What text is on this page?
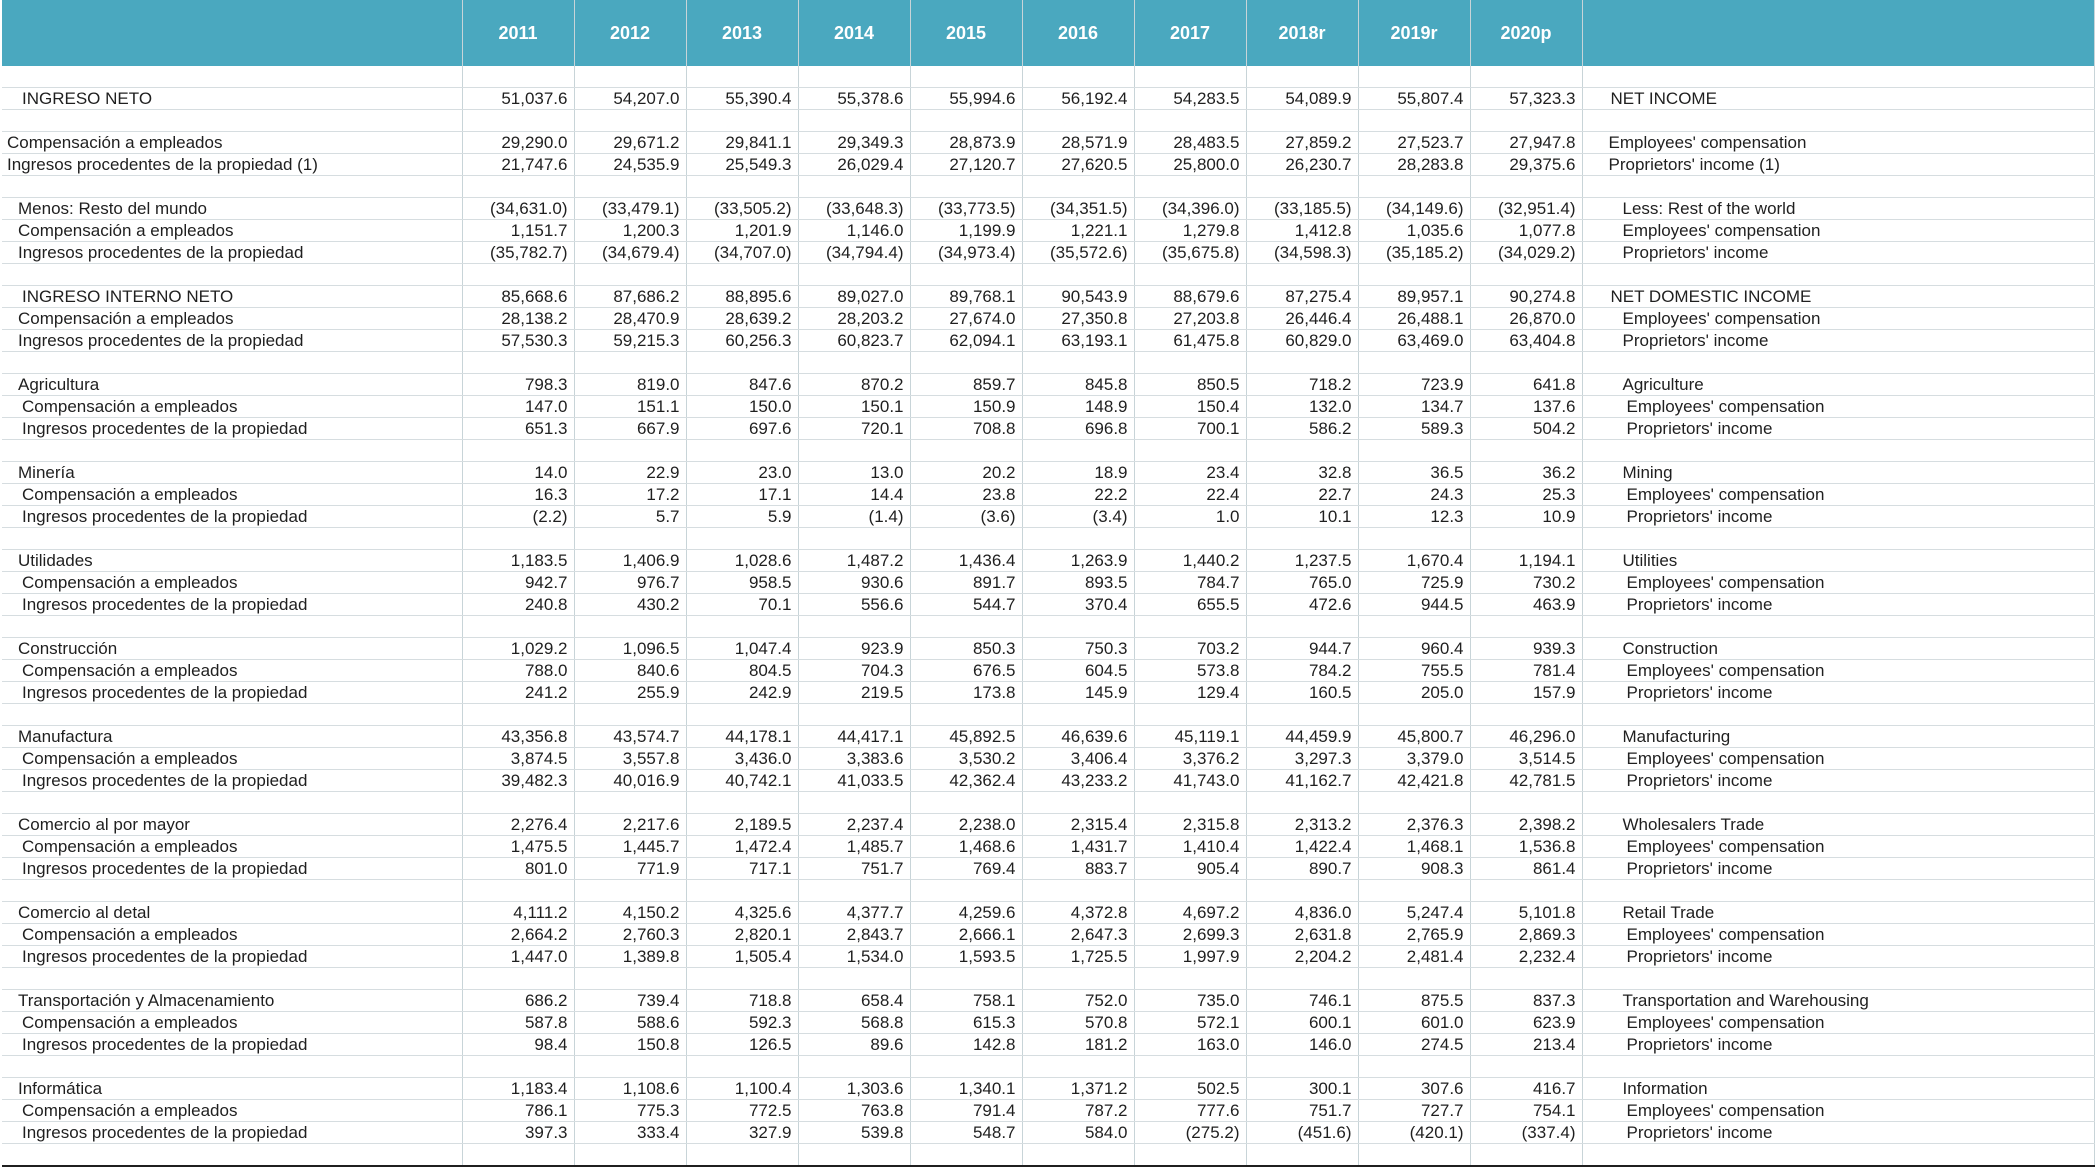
	2011	2012	2013	2014	2015	2016	2017	2018r	2019r	2020p	

INGRESO NETO	51,037.6	54,207.0	55,390.4	55,378.6	55,994.6	56,192.4	54,283.5	54,089.9	55,807.4	57,323.3	NET INCOME

Compensación a empleados	29,290.0	29,671.2	29,841.1	29,349.3	28,873.9	28,571.9	28,483.5	27,859.2	27,523.7	27,947.8	Employees' compensation
Ingresos procedentes de la propiedad (1)	21,747.6	24,535.9	25,549.3	26,029.4	27,120.7	27,620.5	25,800.0	26,230.7	28,283.8	29,375.6	Proprietors' income (1)

Menos: Resto del mundo	(34,631.0)	(33,479.1)	(33,505.2)	(33,648.3)	(33,773.5)	(34,351.5)	(34,396.0)	(33,185.5)	(34,149.6)	(32,951.4)	Less: Rest of the world
Compensación a empleados	1,151.7	1,200.3	1,201.9	1,146.0	1,199.9	1,221.1	1,279.8	1,412.8	1,035.6	1,077.8	Employees' compensation
Ingresos procedentes de la propiedad	(35,782.7)	(34,679.4)	(34,707.0)	(34,794.4)	(34,973.4)	(35,572.6)	(35,675.8)	(34,598.3)	(35,185.2)	(34,029.2)	Proprietors' income

INGRESO INTERNO NETO	85,668.6	87,686.2	88,895.6	89,027.0	89,768.1	90,543.9	88,679.6	87,275.4	89,957.1	90,274.8	NET DOMESTIC INCOME
Compensación a empleados	28,138.2	28,470.9	28,639.2	28,203.2	27,674.0	27,350.8	27,203.8	26,446.4	26,488.1	26,870.0	Employees' compensation
Ingresos procedentes de la propiedad	57,530.3	59,215.3	60,256.3	60,823.7	62,094.1	63,193.1	61,475.8	60,829.0	63,469.0	63,404.8	Proprietors' income

Agricultura	798.3	819.0	847.6	870.2	859.7	845.8	850.5	718.2	723.9	641.8	Agriculture
Compensación a empleados	147.0	151.1	150.0	150.1	150.9	148.9	150.4	132.0	134.7	137.6	Employees' compensation
Ingresos procedentes de la propiedad	651.3	667.9	697.6	720.1	708.8	696.8	700.1	586.2	589.3	504.2	Proprietors' income

Minería	14.0	22.9	23.0	13.0	20.2	18.9	23.4	32.8	36.5	36.2	Mining
Compensación a empleados	16.3	17.2	17.1	14.4	23.8	22.2	22.4	22.7	24.3	25.3	Employees' compensation
Ingresos procedentes de la propiedad	(2.2)	5.7	5.9	(1.4)	(3.6)	(3.4)	1.0	10.1	12.3	10.9	Proprietors' income

Utilidades	1,183.5	1,406.9	1,028.6	1,487.2	1,436.4	1,263.9	1,440.2	1,237.5	1,670.4	1,194.1	Utilities
Compensación a empleados	942.7	976.7	958.5	930.6	891.7	893.5	784.7	765.0	725.9	730.2	Employees' compensation
Ingresos procedentes de la propiedad	240.8	430.2	70.1	556.6	544.7	370.4	655.5	472.6	944.5	463.9	Proprietors' income

Construcción	1,029.2	1,096.5	1,047.4	923.9	850.3	750.3	703.2	944.7	960.4	939.3	Construction
Compensación a empleados	788.0	840.6	804.5	704.3	676.5	604.5	573.8	784.2	755.5	781.4	Employees' compensation
Ingresos procedentes de la propiedad	241.2	255.9	242.9	219.5	173.8	145.9	129.4	160.5	205.0	157.9	Proprietors' income

Manufactura	43,356.8	43,574.7	44,178.1	44,417.1	45,892.5	46,639.6	45,119.1	44,459.9	45,800.7	46,296.0	Manufacturing
Compensación a empleados	3,874.5	3,557.8	3,436.0	3,383.6	3,530.2	3,406.4	3,376.2	3,297.3	3,379.0	3,514.5	Employees' compensation
Ingresos procedentes de la propiedad	39,482.3	40,016.9	40,742.1	41,033.5	42,362.4	43,233.2	41,743.0	41,162.7	42,421.8	42,781.5	Proprietors' income

Comercio al por mayor	2,276.4	2,217.6	2,189.5	2,237.4	2,238.0	2,315.4	2,315.8	2,313.2	2,376.3	2,398.2	Wholesalers Trade
Compensación a empleados	1,475.5	1,445.7	1,472.4	1,485.7	1,468.6	1,431.7	1,410.4	1,422.4	1,468.1	1,536.8	Employees' compensation
Ingresos procedentes de la propiedad	801.0	771.9	717.1	751.7	769.4	883.7	905.4	890.7	908.3	861.4	Proprietors' income

Comercio al detal	4,111.2	4,150.2	4,325.6	4,377.7	4,259.6	4,372.8	4,697.2	4,836.0	5,247.4	5,101.8	Retail Trade
Compensación a empleados	2,664.2	2,760.3	2,820.1	2,843.7	2,666.1	2,647.3	2,699.3	2,631.8	2,765.9	2,869.3	Employees' compensation
Ingresos procedentes de la propiedad	1,447.0	1,389.8	1,505.4	1,534.0	1,593.5	1,725.5	1,997.9	2,204.2	2,481.4	2,232.4	Proprietors' income

Transportación y Almacenamiento	686.2	739.4	718.8	658.4	758.1	752.0	735.0	746.1	875.5	837.3	Transportation and Warehousing
Compensación a empleados	587.8	588.6	592.3	568.8	615.3	570.8	572.1	600.1	601.0	623.9	Employees' compensation
Ingresos procedentes de la propiedad	98.4	150.8	126.5	89.6	142.8	181.2	163.0	146.0	274.5	213.4	Proprietors' income

Informática	1,183.4	1,108.6	1,100.4	1,303.6	1,340.1	1,371.2	502.5	300.1	307.6	416.7	Information
Compensación a empleados	786.1	775.3	772.5	763.8	791.4	787.2	777.6	751.7	727.7	754.1	Employees' compensation
Ingresos procedentes de la propiedad	397.3	333.4	327.9	539.8	548.7	584.0	(275.2)	(451.6)	(420.1)	(337.4)	Proprietors' income
